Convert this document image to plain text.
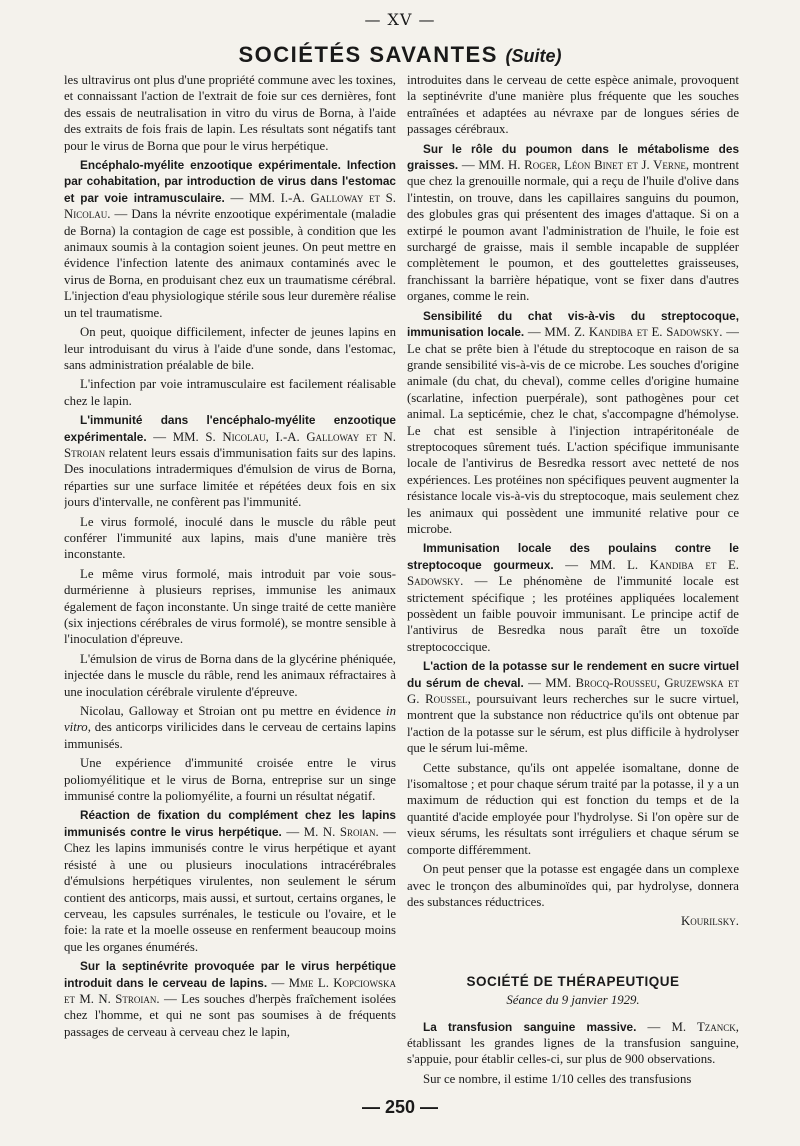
— XV —
SOCIÉTÉS SAVANTES (Suite)

les ultravirus ont plus d'une propriété commune avec les toxines, et connaissant l'action de l'extrait de foie sur ces dernières, font des essais de neutralisation in vitro du virus de Borna, à l'aide des extraits de fois frais de lapin. Les résultats sont négatifs tant pour le virus de Borna que pour le virus herpétique.

Encéphalo-myélite enzootique expérimentale. Infection par cohabitation, par introduction de virus dans l'estomac et par voie intramusculaire. — MM. I.-A. Galloway et S. Nicolau. — Dans la névrite enzootique expérimentale (maladie de Borna) la contagion de cage est possible, à condition que les animaux soumis à la contagion soient jeunes. On peut mettre en évidence l'infection latente des animaux contaminés avec le virus de Borna, en produisant chez eux un traumatisme cérébral. L'injection d'eau physiologique stérile sous leur duremère réalise un tel traumatisme.

On peut, quoique difficilement, infecter de jeunes lapins en leur introduisant du virus à l'aide d'une sonde, dans l'estomac, sans administration préalable de bile.

L'infection par voie intramusculaire est facilement réalisable chez le lapin.

L'immunité dans l'encéphalo-myélite enzootique expérimentale. — MM. S. Nicolau, I.-A. Galloway et N. Stroian relatent leurs essais d'immunisation faits sur des lapins. Des inoculations intradermiques d'émulsion de virus de Borna, réparties sur une surface limitée et répétées deux fois en six jours d'intervalle, ne confèrent pas l'immunité.

Le virus formolé, inoculé dans le muscle du râble peut conférer l'immunité aux lapins, mais d'une manière très inconstante.

Le même virus formolé, mais introduit par voie sous-durmérienne à plusieurs reprises, immunise les animaux également de façon inconstante. Un singe traité de cette manière (six injections cérébrales de virus formolé), se montre sensible à l'inoculation d'épreuve.

L'émulsion de virus de Borna dans de la glycérine phéniquée, injectée dans le muscle du râble, rend les animaux réfractaires à une inoculation cérébrale virulente d'épreuve.

Nicolau, Galloway et Stroian ont pu mettre en évidence in vitro, des anticorps virilicides dans le cerveau de certains lapins immunisés.

Une expérience d'immunité croisée entre le virus poliomyélitique et le virus de Borna, entreprise sur un singe immunisé contre la poliomyélite, a fourni un résultat négatif.

Réaction de fixation du complément chez les lapins immunisés contre le virus herpétique. — M. N. Sroian. — Chez les lapins immunisés contre le virus herpétique et ayant résisté à une ou plusieurs inoculations intracérébrales d'émulsions herpétiques virulentes, non seulement le sérum contient des anticorps, mais aussi, et surtout, certains organes, le cerveau, les capsules surrénales, le testicule ou l'ovaire, et le foie: la rate et la moelle osseuse en renferment beaucoup moins que les organes énumérés.

Sur la septinévrite provoquée par le virus herpétique introduit dans le cerveau de lapins. — Mme L. Kopciowska et M. N. Stroian. — Les souches d'herpès fraîchement isolées chez l'homme, et qui ne sont pas soumises à de fréquents passages de cerveau à cerveau chez le lapin,

introduites dans le cerveau de cette espèce animale, provoquent la septinévrite d'une manière plus fréquente que les souches entraînées et adaptées au névraxe par de longues séries de passages cérébraux.

Sur le rôle du poumon dans le métabolisme des graisses. — MM. H. Roger, Léon Binet et J. Verne, montrent que chez la grenouille normale, qui a reçu de l'huile d'olive dans l'intestin, on trouve, dans les capillaires sanguins du poumon, des globules gras qui présentent des images d'attaque. Si on a extirpé le poumon avant l'administration de l'huile, le foie est surchargé de graisse, mais il semble incapable de suppléer complètement le poumon, et des gouttelettes graisseuses, franchissant la barrière hépatique, vont se fixer dans d'autres organes, comme le rein.

Sensibilité du chat vis-à-vis du streptocoque, immunisation locale. — MM. Z. Kandiba et E. Sadowsky. — Le chat se prête bien à l'étude du streptocoque en raison de sa grande sensibilité vis-à-vis de ce microbe. Les souches d'origine animale (du chat, du cheval), comme celles d'origine humaine (scarlatine, infection puerpérale), sont pathogènes pour cet animal. La septicémie, chez le chat, s'accompagne d'hémolyse. Le chat est sensible à l'injection intrapéritonéale de streptocoques sûrement tués. L'action spécifique immunisante locale de l'antivirus de Besredka ressort avec netteté de nos expériences. Les protéines non spécifiques peuvent augmenter la résistance locale vis-à-vis du streptocoque, mais seulement chez les animaux qui possèdent une immunité relative pour ce microbe.

Immunisation locale des poulains contre le streptocoque gourmeux. — MM. L. Kandiba et E. Sadowsky. — Le phénomène de l'immunité locale est strictement spécifique ; les protéines appliquées localement possèdent un faible pouvoir immunisant. Le principe actif de l'antivirus de Besredka nous paraît être un toxoïde streptococcique.

L'action de la potasse sur le rendement en sucre virtuel du sérum de cheval. — MM. Brocq-Rousseu, Gruzewska et G. Roussel, poursuivant leurs recherches sur le sucre virtuel, montrent que la substance non réductrice qu'ils ont obtenue par l'action de la potasse sur le sérum, est plus difficile à hydrolyser que le sérum lui-même.

Cette substance, qu'ils ont appelée isomaltane, donne de l'isomaltose ; et pour chaque sérum traité par la potasse, il y a un maximum de réduction qui est fonction du temps et de la quantité d'acide employée pour l'hydrolyse. Si l'on opère sur de vieux sérums, les résultats sont irréguliers et chaque sérum se comporte différemment.

On peut penser que la potasse est engagée dans un complexe avec le tronçon des albuminoïdes qui, par hydrolyse, donnera des substances réductrices.

Kourilsky.
SOCIÉTÉ DE THÉRAPEUTIQUE
Séance du 9 janvier 1929.

La transfusion sanguine massive. — M. Tzanck, établissant les grandes lignes de la transfusion sanguine, s'appuie, pour établir celles-ci, sur plus de 900 observations.

Sur ce nombre, il estime 1/10 celles des transfusions

— 250 —
